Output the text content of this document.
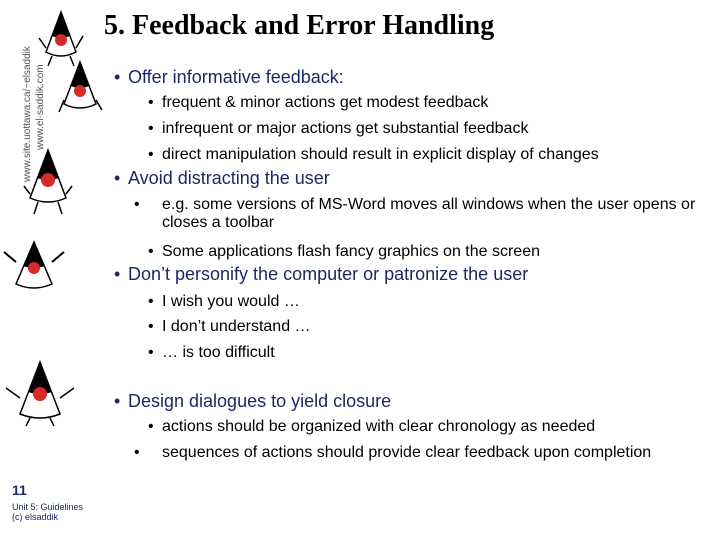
www.site.uottawa.ca/~elsaddik www.el-saddik.com
5. Feedback and Error Handling
• Offer informative feedback:
• frequent & minor actions get modest feedback
• infrequent or major actions get substantial feedback
• direct manipulation should result in explicit display of changes
• Avoid distracting the user
• e.g. some versions of MS-Word moves all windows when the user opens or closes a toolbar
• Some applications flash fancy graphics on the screen
• Don’t personify the computer or patronize the user
• I wish you would …
• I don’t understand …
• … is too difficult
• Design dialogues to yield closure
• actions should be organized with clear chronology as needed
• sequences of actions should provide clear feedback upon completion
11
Unit 5: Guidelines
(c) elsaddik
